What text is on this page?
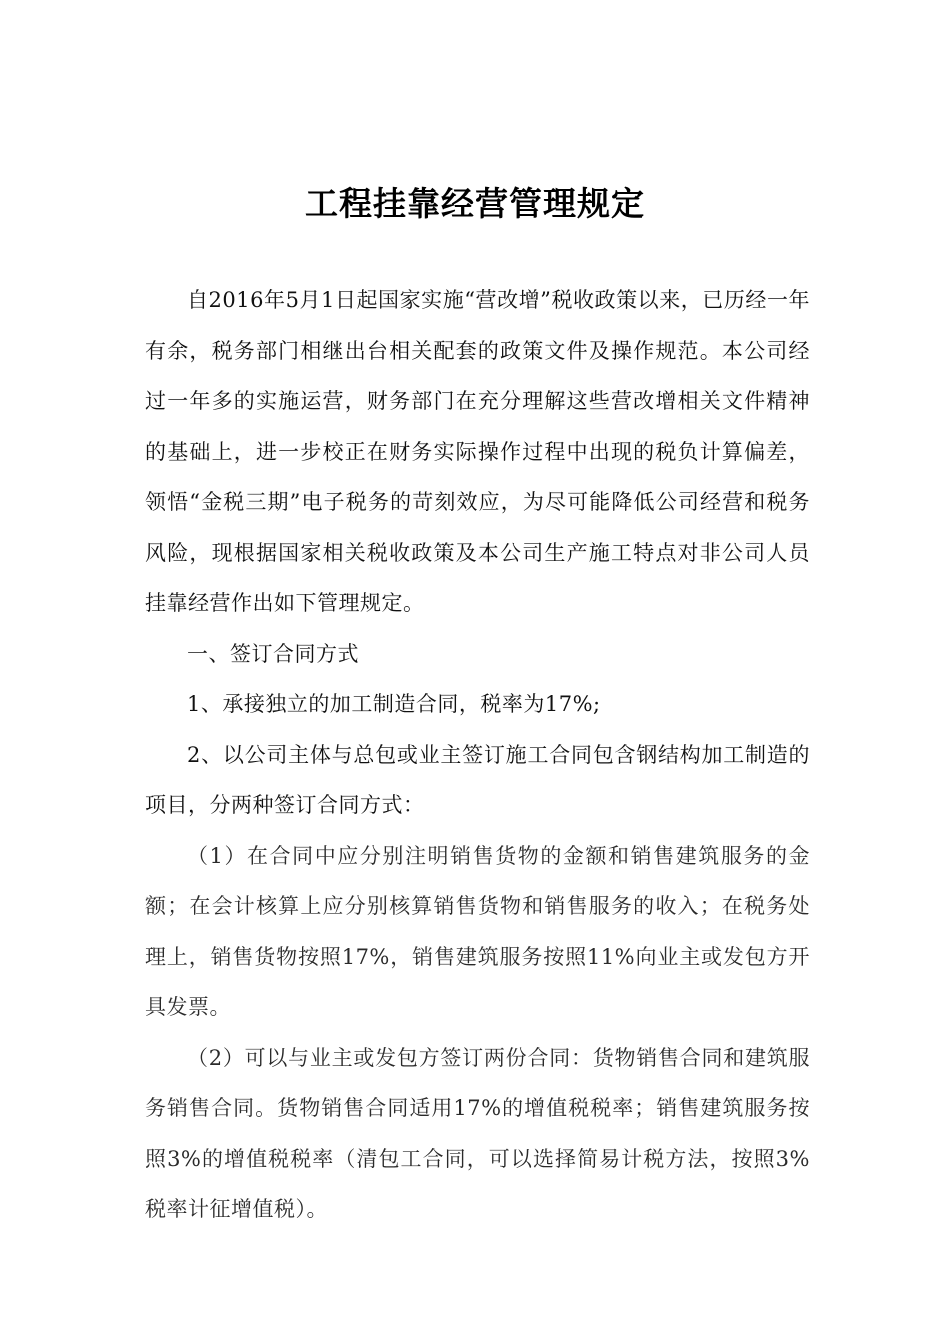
工程挂靠经营管理规定

自2016年5月1日起国家实施“营改增”税收政策以来，已历经一年有余，税务部门相继出台相关配套的政策文件及操作规范。本公司经过一年多的实施运营，财务部门在充分理解这些营改增相关文件精神的基础上，进一步校正在财务实际操作过程中出现的税负计算偏差，领悟“金税三期”电子税务的苛刻效应，为尽可能降低公司经营和税务风险，现根据国家相关税收政策及本公司生产施工特点对非公司人员挂靠经营作出如下管理规定。

一、签订合同方式

1、承接独立的加工制造合同，税率为17%;

2、以公司主体与总包或业主签订施工合同包含钢结构加工制造的项目，分两种签订合同方式：

（1）在合同中应分别注明销售货物的金额和销售建筑服务的金额；在会计核算上应分别核算销售货物和销售服务的收入；在税务处理上，销售货物按照17%，销售建筑服务按照11%向业主或发包方开具发票。

（2）可以与业主或发包方签订两份合同：货物销售合同和建筑服务销售合同。货物销售合同适用17%的增值税税率；销售建筑服务按照3%的增值税税率（清包工合同，可以选择简易计税方法，按照3%税率计征增值税）。
